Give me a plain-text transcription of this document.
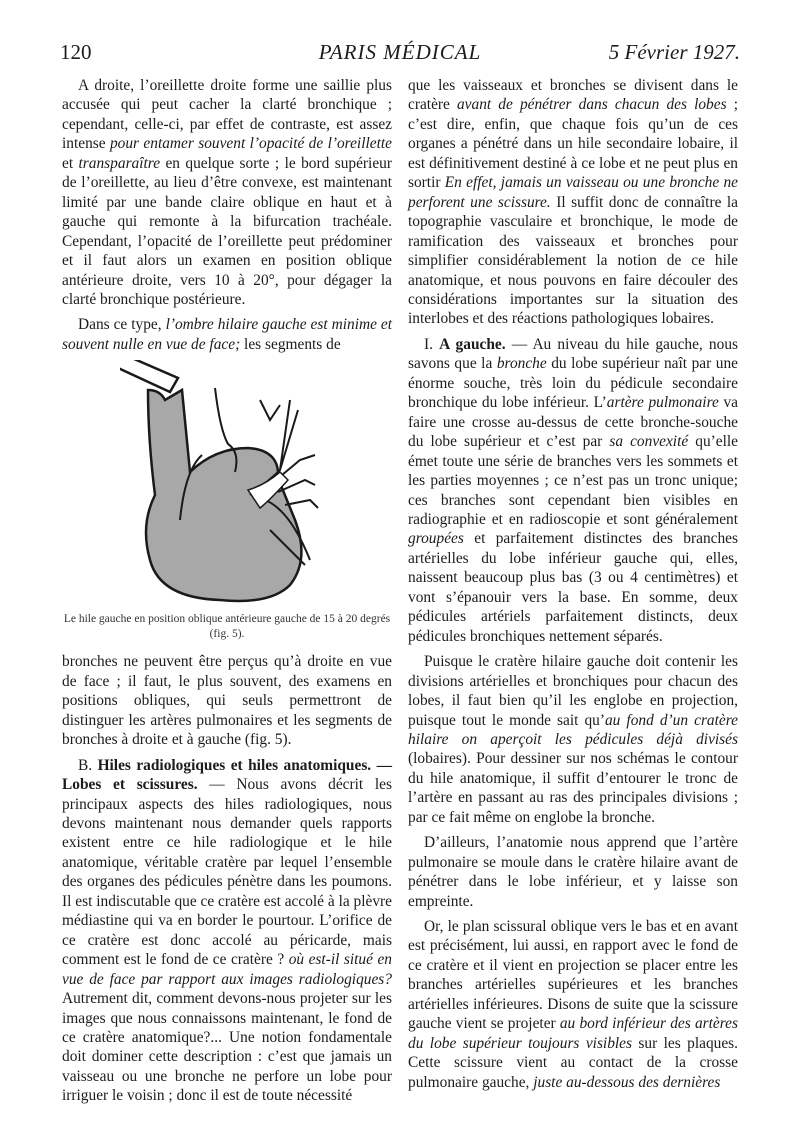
120	PARIS MÉDICAL	5 Février 1927.

A droite, l’oreillette droite forme une saillie plus accusée qui peut cacher la clarté bronchique ; cependant, celle-ci, par effet de contraste, est assez intense pour entamer souvent l’opacité de l’oreillette et transparaître en quelque sorte ; le bord supérieur de l’oreillette, au lieu d’être convexe, est maintenant limité par une bande claire oblique en haut et à gauche qui remonte à la bifurcation trachéale. Cependant, l’opacité de l’oreillette peut prédominer et il faut alors un examen en position oblique antérieure droite, vers 10 à 20°, pour dégager la clarté bronchique postérieure.

Dans ce type, l’ombre hilaire gauche est minime et souvent nulle en vue de face; les segments de

Le hile gauche en position oblique antérieure gauche de 15 à 20 degrés (fig. 5).

bronches ne peuvent être perçus qu’à droite en vue de face ; il faut, le plus souvent, des examens en positions obliques, qui seuls permettront de distinguer les artères pulmonaires et les segments de bronches à droite et à gauche (fig. 5).

B. Hiles radiologiques et hiles anatomiques. — Lobes et scissures. — Nous avons décrit les principaux aspects des hiles radiologiques, nous devons maintenant nous demander quels rapports existent entre ce hile radiologique et le hile anatomique, véritable cratère par lequel l’ensemble des organes des pédicules pénètre dans les poumons. Il est indiscutable que ce cratère est accolé à la plèvre médiastine qui va en border le pourtour. L’orifice de ce cratère est donc accolé au péricarde, mais comment est le fond de ce cratère ? où est-il situé en vue de face par rapport aux images radiologiques? Autrement dit, comment devons-nous projeter sur les images que nous connaissons maintenant, le fond de ce cratère anatomique?... Une notion fondamentale doit dominer cette description : c’est que jamais un vaisseau ou une bronche ne perfore un lobe pour irriguer le voisin ; donc il est de toute nécessité

que les vaisseaux et bronches se divisent dans le cratère avant de pénétrer dans chacun des lobes ; c’est dire, enfin, que chaque fois qu’un de ces organes a pénétré dans un hile secondaire lobaire, il est définitivement destiné à ce lobe et ne peut plus en sortir En effet, jamais un vaisseau ou une bronche ne perforent une scissure. Il suffit donc de connaître la topographie vasculaire et bronchique, le mode de ramification des vaisseaux et bronches pour simplifier considérablement la notion de ce hile anatomique, et nous pouvons en faire découler des considérations importantes sur la situation des interlobes et des réactions pathologiques lobaires.

I. A gauche. — Au niveau du hile gauche, nous savons que la bronche du lobe supérieur naît par une énorme souche, très loin du pédicule secondaire bronchique du lobe inférieur. L’artère pulmonaire va faire une crosse au-dessus de cette bronche-souche du lobe supérieur et c’est par sa convexité qu’elle émet toute une série de branches vers les sommets et les parties moyennes ; ce n’est pas un tronc unique; ces branches sont cependant bien visibles en radiographie et en radioscopie et sont généralement groupées et parfaitement distinctes des branches artérielles du lobe inférieur gauche qui, elles, naissent beaucoup plus bas (3 ou 4 centimètres) et vont s’épanouir vers la base. En somme, deux pédicules artériels parfaitement distincts, deux pédicules bronchiques nettement séparés.

Puisque le cratère hilaire gauche doit contenir les divisions artérielles et bronchiques pour chacun des lobes, il faut bien qu’il les englobe en projection, puisque tout le monde sait qu’au fond d’un cratère hilaire on aperçoit les pédicules déjà divisés (lobaires). Pour dessiner sur nos schémas le contour du hile anatomique, il suffit d’entourer le tronc de l’artère en passant au ras des principales divisions ; par ce fait même on englobe la bronche.

D’ailleurs, l’anatomie nous apprend que l’artère pulmonaire se moule dans le cratère hilaire avant de pénétrer dans le lobe inférieur, et y laisse son empreinte.

Or, le plan scissural oblique vers le bas et en avant est précisément, lui aussi, en rapport avec le fond de ce cratère et il vient en projection se placer entre les branches artérielles supérieures et les branches artérielles inférieures. Disons de suite que la scissure gauche vient se projeter au bord inférieur des artères du lobe supérieur toujours visibles sur les plaques. Cette scissure vient au contact de la crosse pulmonaire gauche, juste au-dessous des dernières
